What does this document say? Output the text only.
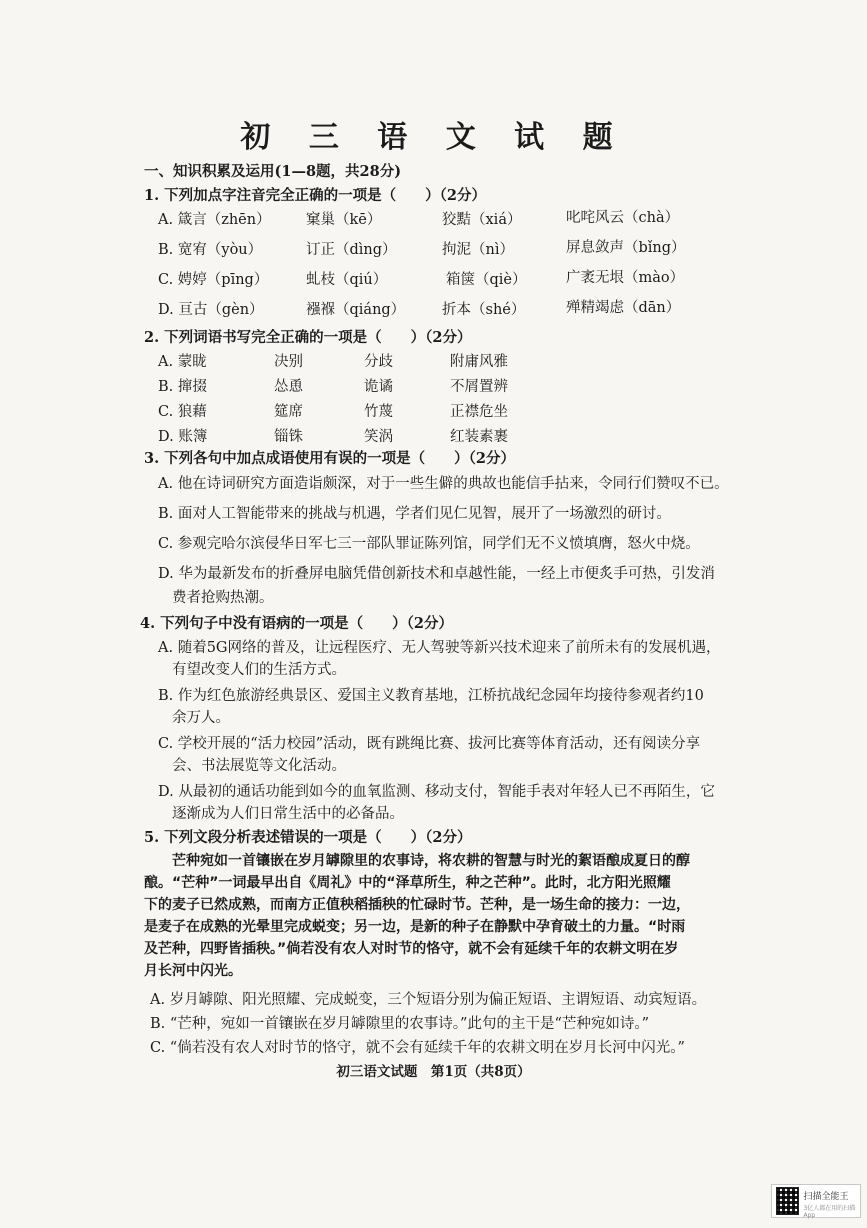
初 三 语 文 试 题
一、知识积累及运用(1—8题，共28分)
1. 下列加点字注音完全正确的一项是（　　）（2分）
A. 箴言（zhēn） 窠巢（kē）	狡黠（xiá）	叱咤风云（chà）
B. 宽宥（yòu）	订正（dìng）	拘泥（nì）	屏息敛声（bǐng）
C. 娉婷（pīng）	虬枝（qiú）	箱箧（qiè）	广袤无垠（mào）
D. 亘古（gèn）	襁褓（qiáng）	折本（shé）	殚精竭虑（dān）
2. 下列词语书写完全正确的一项是（　　）（2分）
A. 蒙眬	决别	分歧	附庸风雅
B. 撺掇	怂恿	诡谲	不屑置辨
C. 狼藉	筵席	竹蔑	正襟危坐
D. 账簿	锱铢	笑涡	红装素裹
3. 下列各句中加点成语使用有误的一项是（　　）（2分）
A. 他在诗词研究方面造诣颇深，对于一些生僻的典故也能信手拈来，令同行们赞叹不已。
B. 面对人工智能带来的挑战与机遇，学者们见仁见智，展开了一场激烈的研讨。
C. 参观完哈尔滨侵华日军七三一部队罪证陈列馆，同学们无不义愤填膺，怒火中烧。
D. 华为最新发布的折叠屏电脑凭借创新技术和卓越性能，一经上市便炙手可热，引发消
费者抢购热潮。
4. 下列句子中没有语病的一项是（　　）（2分）
A. 随着5G网络的普及，让远程医疗、无人驾驶等新兴技术迎来了前所未有的发展机遇，
有望改变人们的生活方式。
B. 作为红色旅游经典景区、爱国主义教育基地，江桥抗战纪念园年均接待参观者约10
余万人。
C. 学校开展的“活力校园”活动，既有跳绳比赛、拔河比赛等体育活动，还有阅读分享
会、书法展览等文化活动。
D. 从最初的通话功能到如今的血氧监测、移动支付，智能手表对年轻人已不再陌生，它
逐渐成为人们日常生活中的必备品。
5. 下列文段分析表述错误的一项是（　　）（2分）
芒种宛如一首镶嵌在岁月罅隙里的农事诗，将农耕的智慧与时光的絮语酿成夏日的醇
酿。“芒种”一词最早出自《周礼》中的“泽草所生，种之芒种”。此时，北方阳光照耀
下的麦子已然成熟，而南方正值秧稻插秧的忙碌时节。芒种，是一场生命的接力：一边，
是麦子在成熟的光晕里完成蜕变；另一边，是新的种子在静默中孕育破土的力量。“时雨
及芒种，四野皆插秧。”倘若没有农人对时节的恪守，就不会有延续千年的农耕文明在岁
月长河中闪光。
A. 岁月罅隙、阳光照耀、完成蜕变，三个短语分别为偏正短语、主谓短语、动宾短语。
B. “芒种，宛如一首镶嵌在岁月罅隙里的农事诗。”此句的主干是“芒种宛如诗。”
C. “倘若没有农人对时节的恪守，就不会有延续千年的农耕文明在岁月长河中闪光。”
初三语文试题　第1页（共8页）
扫描全能王
3亿人都在用的扫描App
